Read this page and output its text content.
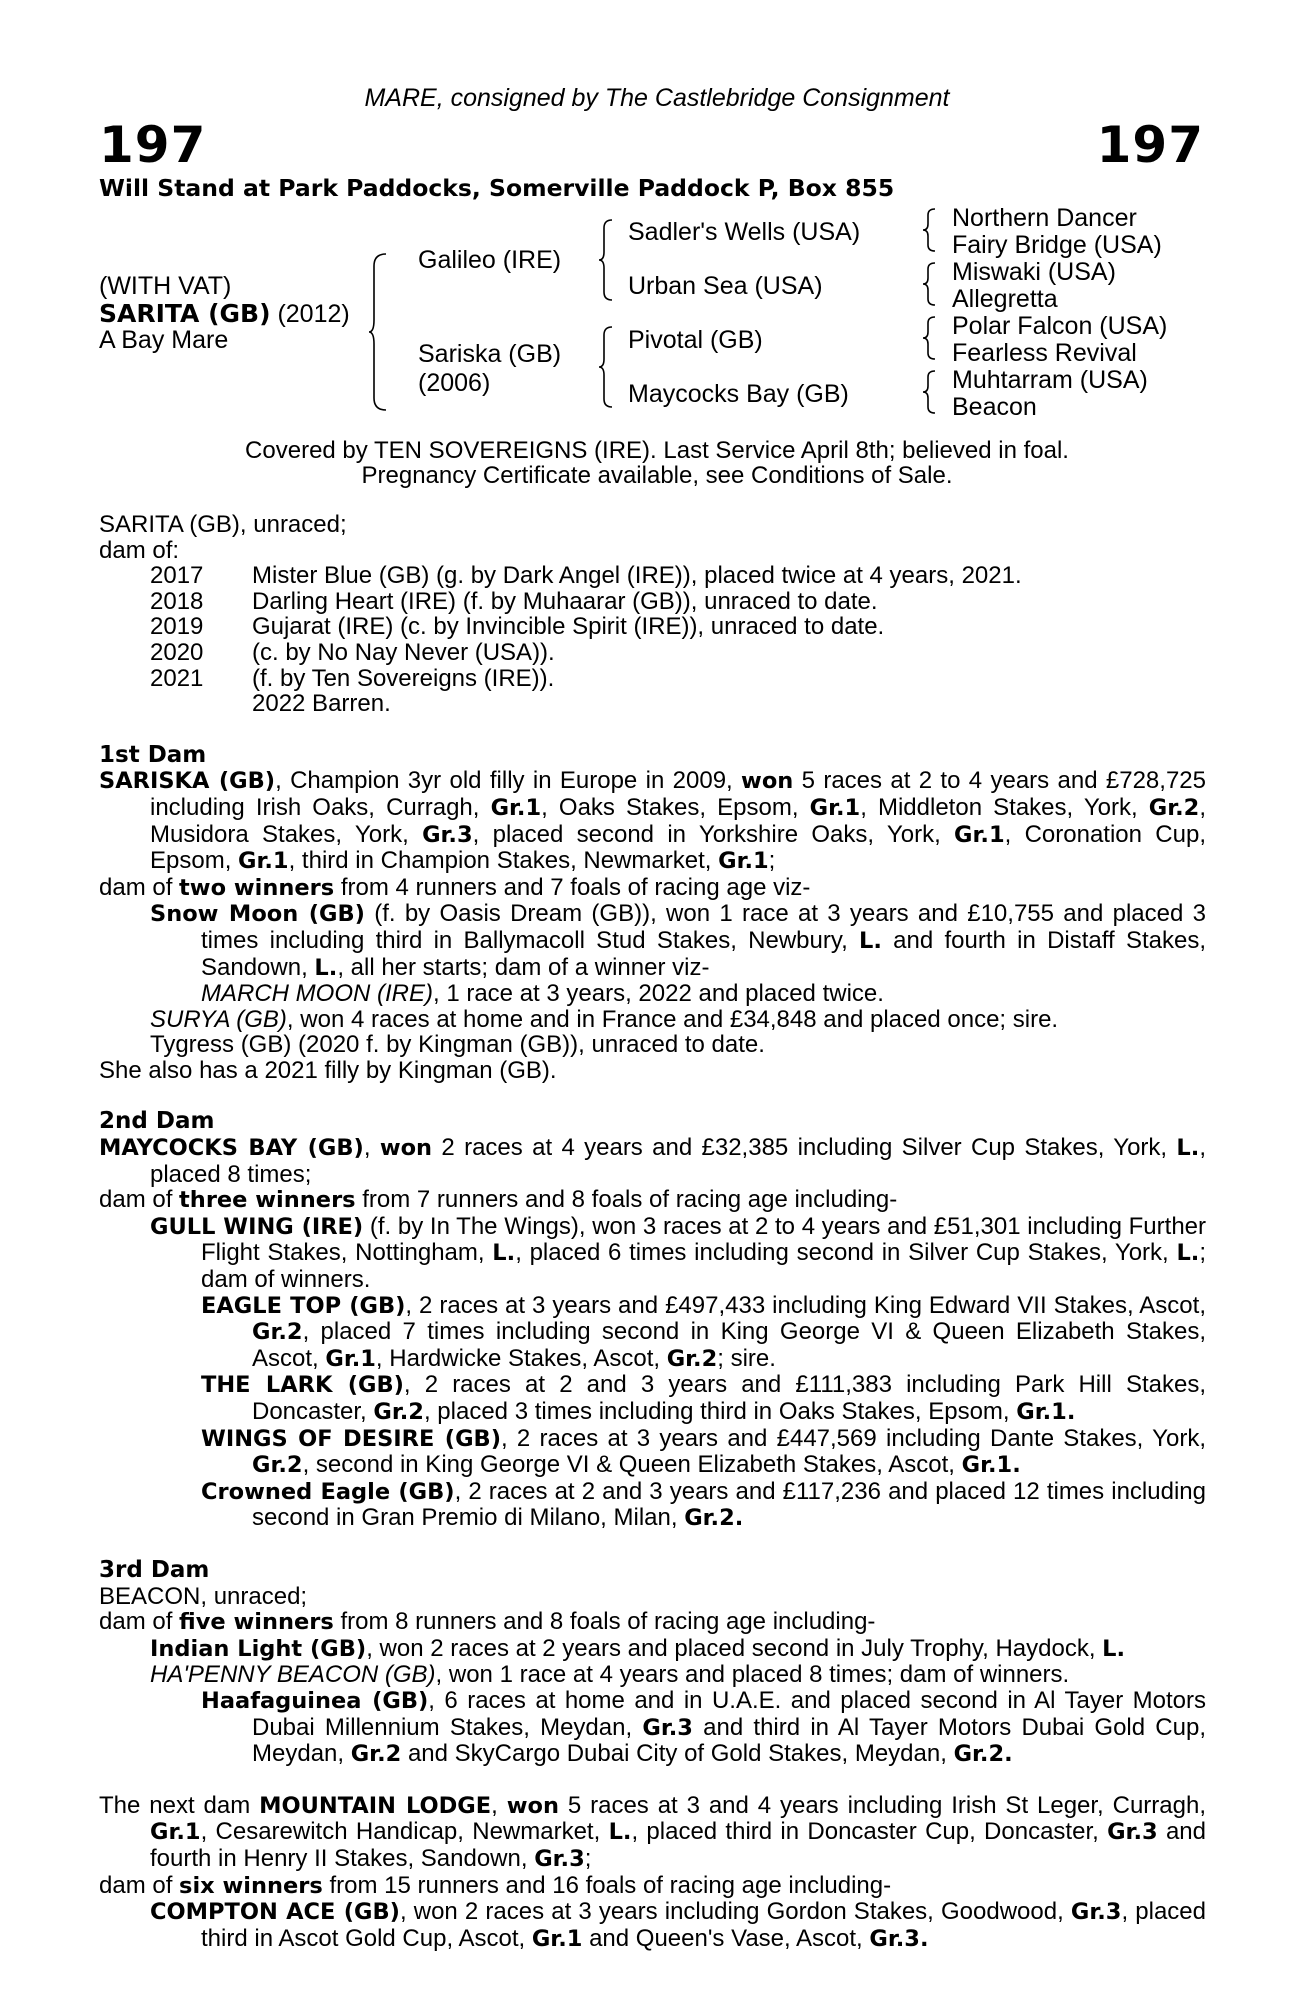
MARE, consigned by The Castlebridge Consignment
197	197
Will Stand at Park Paddocks, Somerville Paddock P, Box 855
(WITH VAT)
SARITA (GB) (2012)
A Bay Mare
Galileo (IRE)
Sariska (GB)
(2006)
Sadler's Wells (USA)
Urban Sea (USA)
Pivotal (GB)
Maycocks Bay (GB)
Northern Dancer
Fairy Bridge (USA)
Miswaki (USA)
Allegretta
Polar Falcon (USA)
Fearless Revival
Muhtarram (USA)
Beacon
Covered by TEN SOVEREIGNS (IRE). Last Service April 8th; believed in foal.
Pregnancy Certificate available, see Conditions of Sale.

SARITA (GB), unraced;

dam of:

2017	Mister Blue (GB) (g. by Dark Angel (IRE)), placed twice at 4 years, 2021.
2018	Darling Heart (IRE) (f. by Muhaarar (GB)), unraced to date.
2019	Gujarat (IRE) (c. by Invincible Spirit (IRE)), unraced to date.
2020	(c. by No Nay Never (USA)).
2021	(f. by Ten Sovereigns (IRE)).
	2022 Barren.

1st Dam

SARISKA (GB), Champion 3yr old filly in Europe in 2009, won 5 races at 2 to 4 years and £728,725 including Irish Oaks, Curragh, Gr.1, Oaks Stakes, Epsom, Gr.1, Middleton Stakes, York, Gr.2, Musidora Stakes, York, Gr.3, placed second in Yorkshire Oaks, York, Gr.1, Coronation Cup, Epsom, Gr.1, third in Champion Stakes, Newmarket, Gr.1;

dam of two winners from 4 runners and 7 foals of racing age viz-

Snow Moon (GB) (f. by Oasis Dream (GB)), won 1 race at 3 years and £10,755 and placed 3 times including third in Ballymacoll Stud Stakes, Newbury, L. and fourth in Distaff Stakes, Sandown, L., all her starts; dam of a winner viz-

MARCH MOON (IRE), 1 race at 3 years, 2022 and placed twice.

SURYA (GB), won 4 races at home and in France and £34,848 and placed once; sire.

Tygress (GB) (2020 f. by Kingman (GB)), unraced to date.

She also has a 2021 filly by Kingman (GB).

2nd Dam

MAYCOCKS BAY (GB), won 2 races at 4 years and £32,385 including Silver Cup Stakes, York, L., placed 8 times;

dam of three winners from 7 runners and 8 foals of racing age including-

GULL WING (IRE) (f. by In The Wings), won 3 races at 2 to 4 years and £51,301 including Further Flight Stakes, Nottingham, L., placed 6 times including second in Silver Cup Stakes, York, L.; dam of winners.

EAGLE TOP (GB), 2 races at 3 years and £497,433 including King Edward VII Stakes, Ascot, Gr.2, placed 7 times including second in King George VI & Queen Elizabeth Stakes, Ascot, Gr.1, Hardwicke Stakes, Ascot, Gr.2; sire.

THE LARK (GB), 2 races at 2 and 3 years and £111,383 including Park Hill Stakes, Doncaster, Gr.2, placed 3 times including third in Oaks Stakes, Epsom, Gr.1.

WINGS OF DESIRE (GB), 2 races at 3 years and £447,569 including Dante Stakes, York, Gr.2, second in King George VI & Queen Elizabeth Stakes, Ascot, Gr.1.

Crowned Eagle (GB), 2 races at 2 and 3 years and £117,236 and placed 12 times including second in Gran Premio di Milano, Milan, Gr.2.

3rd Dam

BEACON, unraced;

dam of five winners from 8 runners and 8 foals of racing age including-

Indian Light (GB), won 2 races at 2 years and placed second in July Trophy, Haydock, L.

HA'PENNY BEACON (GB), won 1 race at 4 years and placed 8 times; dam of winners.

Haafaguinea (GB), 6 races at home and in U.A.E. and placed second in Al Tayer Motors Dubai Millennium Stakes, Meydan, Gr.3 and third in Al Tayer Motors Dubai Gold Cup, Meydan, Gr.2 and SkyCargo Dubai City of Gold Stakes, Meydan, Gr.2.

The next dam MOUNTAIN LODGE, won 5 races at 3 and 4 years including Irish St Leger, Curragh, Gr.1, Cesarewitch Handicap, Newmarket, L., placed third in Doncaster Cup, Doncaster, Gr.3 and fourth in Henry II Stakes, Sandown, Gr.3;

dam of six winners from 15 runners and 16 foals of racing age including-

COMPTON ACE (GB), won 2 races at 3 years including Gordon Stakes, Goodwood, Gr.3, placed third in Ascot Gold Cup, Ascot, Gr.1 and Queen's Vase, Ascot, Gr.3.
